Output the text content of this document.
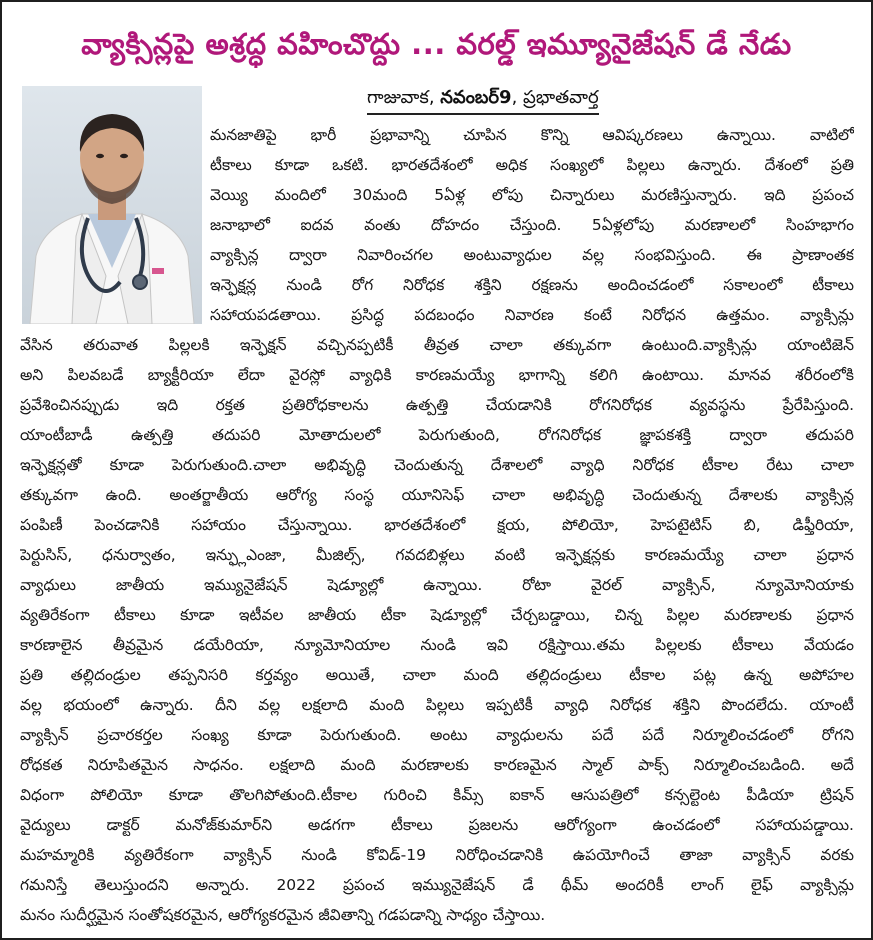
వ్యాక్సిన్లపై అశ్రద్ధ వహించొద్దు ... వరల్డ్ ఇమ్యూనైజేషన్ డే నేడు
గాజువాక, నవంబర్9, ప్రభాతవార్త
మనజాతిపై భారీ ప్రభావాన్ని చూపిన కొన్ని ఆవిష్కరణలు ఉన్నాయి. వాటిలో
టీకాలు కూడా ఒకటి. భారతదేశంలో అధిక సంఖ్యలో పిల్లలు ఉన్నారు. దేశంలో ప్రతి
వెయ్యి మందిలో 30మంది 5ఏళ్ల లోపు చిన్నారులు మరణిస్తున్నారు. ఇది ప్రపంచ
జనాభాలో ఐదవ వంతు దోహదం చేస్తుంది. 5ఏళ్లలోపు మరణాలలో సింహభాగం
వ్యాక్సిన్ల ద్వారా నివారించగల అంటువ్యాధుల వల్ల సంభవిస్తుంది. ఈ ప్రాణాంతక
ఇన్ఫెక్షన్ల నుండి రోగ నిరోధక శక్తిని రక్షణను అందించడంలో సకాలంలో టీకాలు
సహాయపడతాయి. ప్రసిద్ధ పదబంధం నివారణ కంటే నిరోధన ఉత్తమం. వ్యాక్సిన్లు
వేసిన తరువాత పిల్లలకి ఇన్ఫెక్షన్ వచ్చినప్పటికీ తీవ్రత చాలా తక్కువగా ఉంటుంది.వ్యాక్సిన్లు యాంటిజెన్
అని పిలవబడే బ్యాక్టీరియా లేదా వైరస్లో వ్యాధికి కారణమయ్యే భాగాన్ని కలిగి ఉంటాయి. మానవ శరీరంలోకి
ప్రవేశించినప్పుడు ఇది రక్తత ప్రతిరోధకాలను ఉత్పత్తి చేయడానికి రోగనిరోధక వ్యవస్థను ప్రేరేపిస్తుంది.
యాంటీబాడీ ఉత్పత్తి తదుపరి మోతాదులలో పెరుగుతుంది, రోగనిరోధక జ్ఞాపకశక్తి ద్వారా తదుపరి
ఇన్ఫెక్షన్లతో కూడా పెరుగుతుంది.చాలా అభివృద్ధి చెందుతున్న దేశాలలో వ్యాధి నిరోధక టీకాల రేటు చాలా
తక్కువగా ఉంది. అంతర్జాతీయ ఆరోగ్య సంస్థ యూనిసెఫ్ చాలా అభివృద్ధి చెందుతున్న దేశాలకు వ్యాక్సిన్ల
పంపిణీ పెంచడానికి సహాయం చేస్తున్నాయి. భారతదేశంలో క్షయ, పోలియో, హెపటైటిస్ బి, డిఫ్తీరియా,
పెర్టుసిస్, ధనుర్వాతం, ఇన్ఫ్లుఎంజా, మీజిల్స్, గవదబిళ్లలు వంటి ఇన్ఫెక్షన్లకు కారణమయ్యే చాలా ప్రధాన
వ్యాధులు జాతీయ ఇమ్యునైజేషన్ షెడ్యూల్లో ఉన్నాయి. రోటా వైరల్ వ్యాక్సిన్, న్యూమోనియాకు
వ్యతిరేకంగా టీకాలు కూడా ఇటీవల జాతీయ టీకా షెడ్యూల్లో చేర్చబడ్డాయి, చిన్న పిల్లల మరణాలకు ప్రధాన
కారణాలైన తీవ్రమైన డయేరియా, న్యూమోనియాల నుండి ఇవి రక్షిస్తాయి.తమ పిల్లలకు టీకాలు వేయడం
ప్రతి తల్లిదండ్రుల తప్పనిసరి కర్తవ్యం అయితే, చాలా మంది తల్లిదండ్రులు టీకాల పట్ల ఉన్న అపోహల
వల్ల భయంలో ఉన్నారు. దీని వల్ల లక్షలాది మంది పిల్లలు ఇప్పటికీ వ్యాధి నిరోధక శక్తిని పొందలేదు. యాంటీ
వ్యాక్సిన్ ప్రచారకర్తల సంఖ్య కూడా పెరుగుతుంది. అంటు వ్యాధులను పదే పదే నిర్మూలించడంలో రోగని
రోధకత నిరూపితమైన సాధనం. లక్షలాది మంది మరణాలకు కారణమైన స్మాల్ పాక్స్ నిర్మూలించబడింది. అదే
విధంగా పోలియో కూడా తొలగిపోతుంది.టీకాల గురించి కిమ్స్ ఐకాన్ ఆసుపత్రిలో కన్సల్టెంట పీడియా ట్రిషన్
వైద్యులు డాక్టర్ మనోజ్‌కుమార్‌ని అడగగా టీకాలు ప్రజలను ఆరోగ్యంగా ఉంచడంలో సహాయపడ్డాయి.
మహమ్మారికి వ్యతిరేకంగా వ్యాక్సిన్ నుండి కోవిడ్-19 నిరోధించడానికి ఉపయోగించే తాజా వ్యాక్సిన్ వరకు
గమనిస్తే తెలుస్తుందని అన్నారు. 2022 ప్రపంచ ఇమ్యునైజేషన్ డే థీమ్ అందరికీ లాంగ్ లైఫ్ వ్యాక్సిన్లు
మనం సుదీర్ఘమైన సంతోషకరమైన, ఆరోగ్యకరమైన జీవితాన్ని గడపడాన్ని సాధ్యం చేస్తాయి.
